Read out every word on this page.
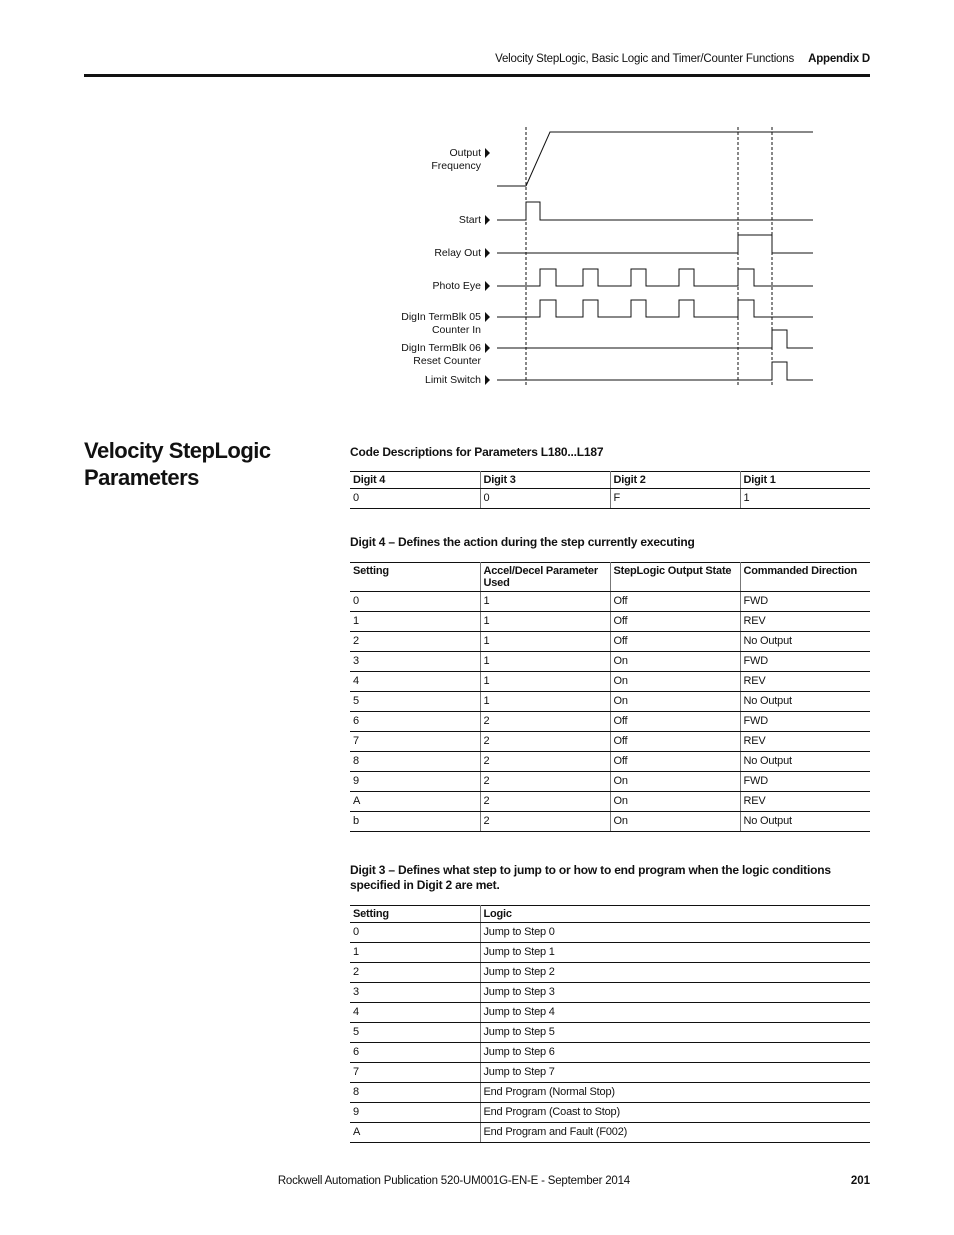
Velocity StepLogic, Basic Logic and Timer/Counter Functions Appendix D
Output
Frequency
Start
Relay Out
Photo Eye
DigIn TermBlk 05
Counter In
DigIn TermBlk 06
Reset Counter
Limit Switch
Velocity StepLogic Parameters
Code Descriptions for Parameters L180...L187
Digit 4	Digit 3	Digit 2	Digit 1
0	0	F	1
Digit 4 – Defines the action during the step currently executing
Setting	Accel/Decel Parameter Used	StepLogic Output State	Commanded Direction
0	1	Off	FWD
1	1	Off	REV
2	1	Off	No Output
3	1	On	FWD
4	1	On	REV
5	1	On	No Output
6	2	Off	FWD
7	2	Off	REV
8	2	Off	No Output
9	2	On	FWD
A	2	On	REV
b	2	On	No Output
Digit 3 – Defines what step to jump to or how to end program when the logic conditions specified in Digit 2 are met.
Setting	Logic
0	Jump to Step 0
1	Jump to Step 1
2	Jump to Step 2
3	Jump to Step 3
4	Jump to Step 4
5	Jump to Step 5
6	Jump to Step 6
7	Jump to Step 7
8	End Program (Normal Stop)
9	End Program (Coast to Stop)
A	End Program and Fault (F002)
Rockwell Automation Publication 520-UM001G-EN-E - September 2014	201
